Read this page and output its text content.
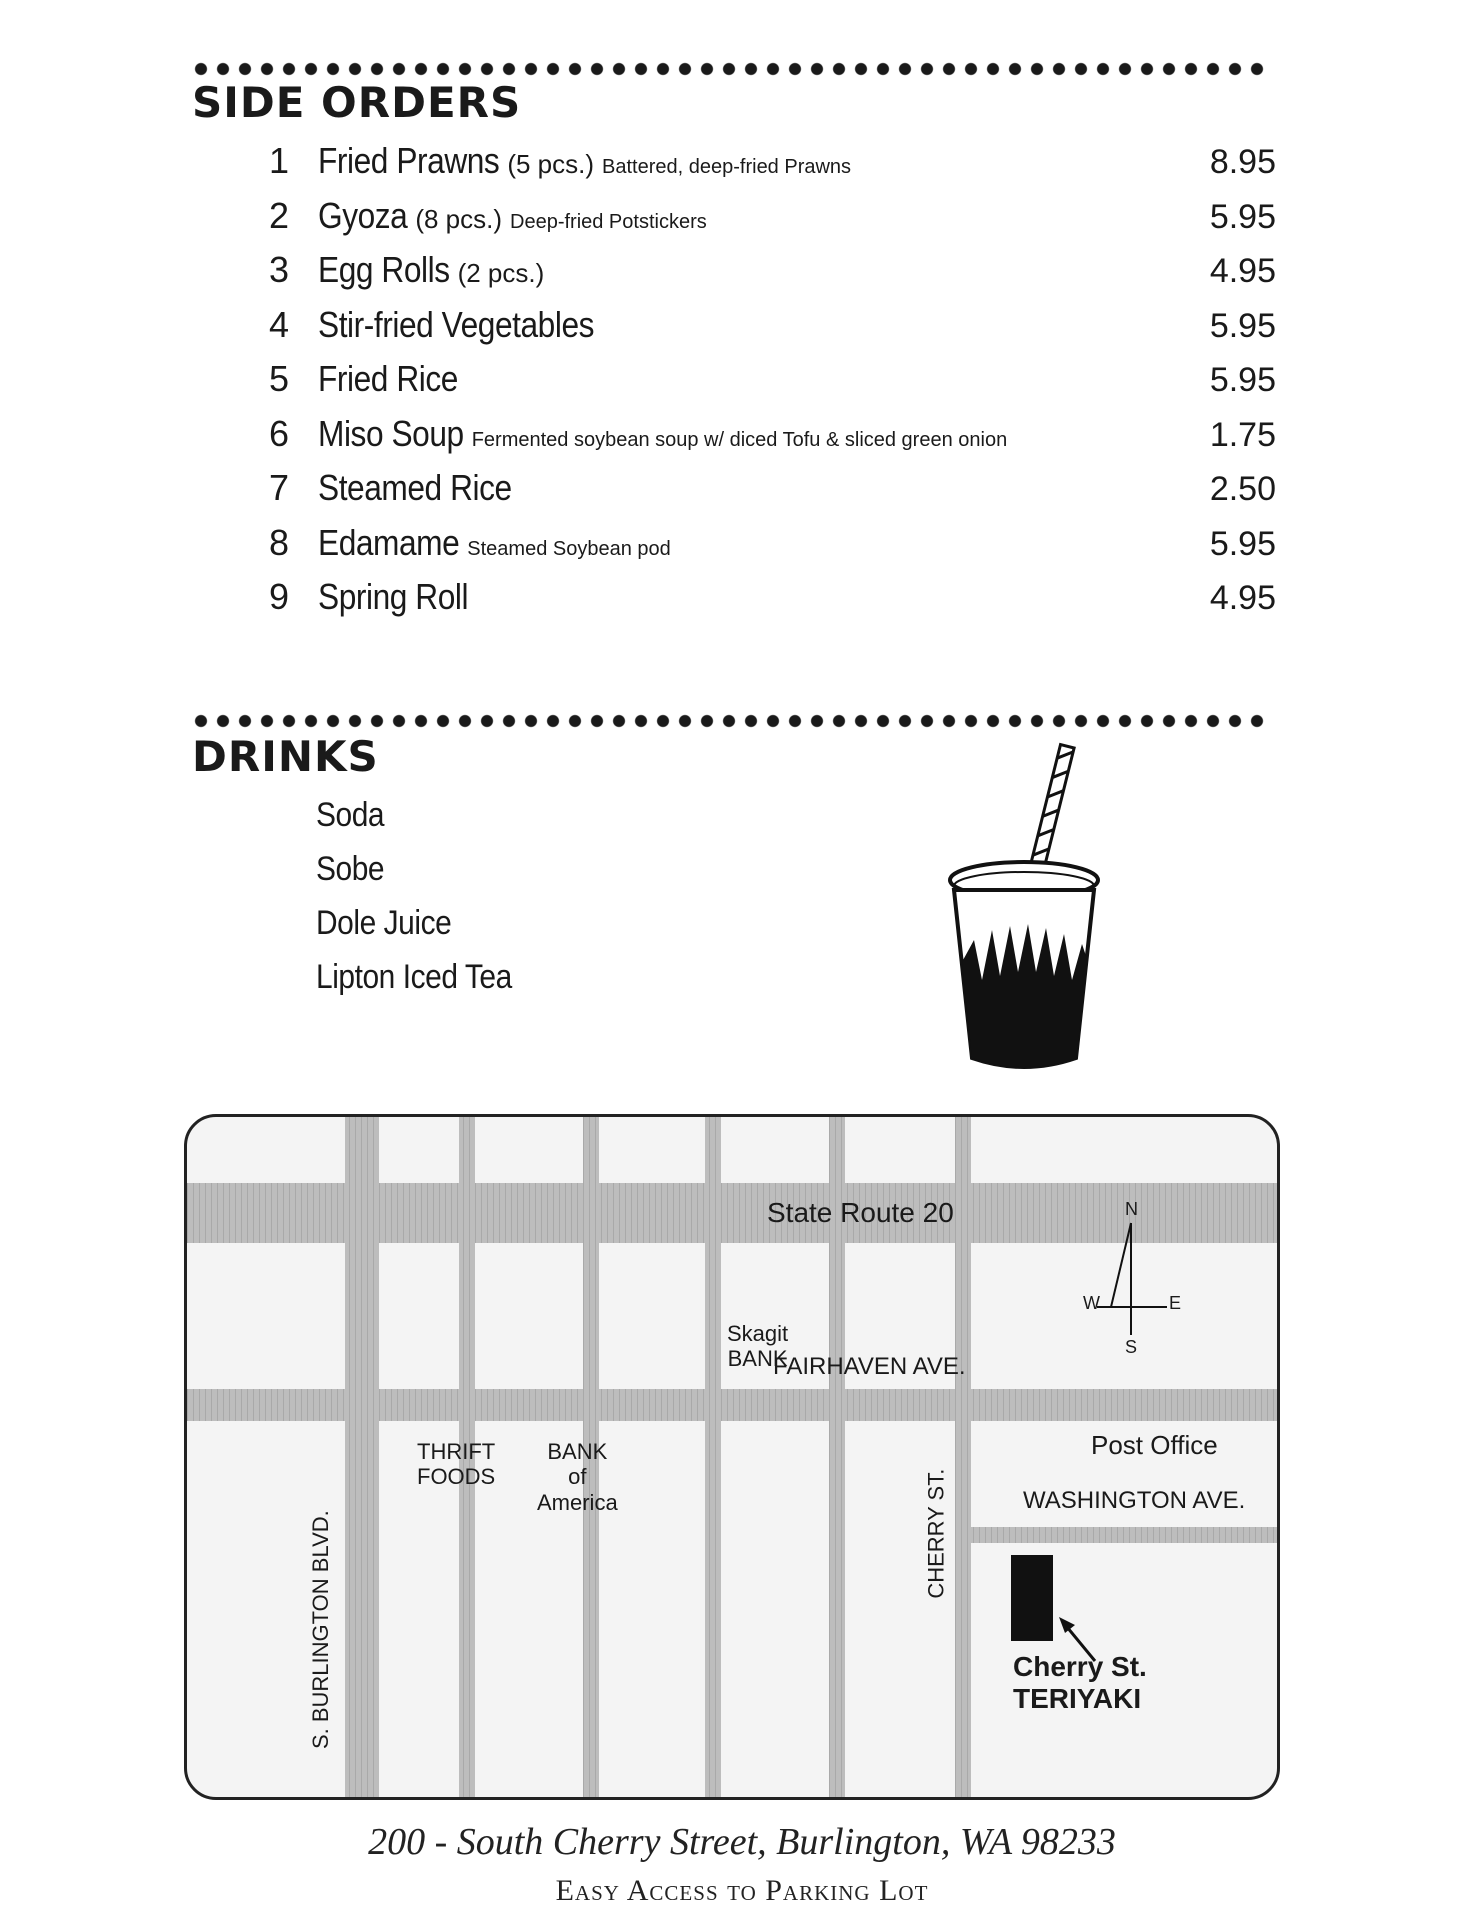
SIDE ORDERS
1 Fried Prawns (5 pcs.) Battered, deep-fried Prawns	8.95
2 Gyoza (8 pcs.) Deep-fried Potstickers	5.95
3 Egg Rolls (2 pcs.)	4.95
4 Stir-fried Vegetables	5.95
5 Fried Rice	5.95
6 Miso Soup Fermented soybean soup w/ diced Tofu & sliced green onion	1.75
7 Steamed Rice	2.50
8 Edamame Steamed Soybean pod	5.95
9 Spring Roll	4.95
DRINKS
Soda
Sobe
Dole Juice
Lipton Iced Tea
State Route 20
FAIRHAVEN AVE.
WASHINGTON AVE.
Post Office
CHERRY ST.
S. BURLINGTON BLVD.
Skagit
BANK
THRIFT
FOODS
BANK
of
America
Cherry St.
TERIYAKI
N
S
E
W
200 - South Cherry Street, Burlington, WA 98233
Easy Access to Parking Lot
